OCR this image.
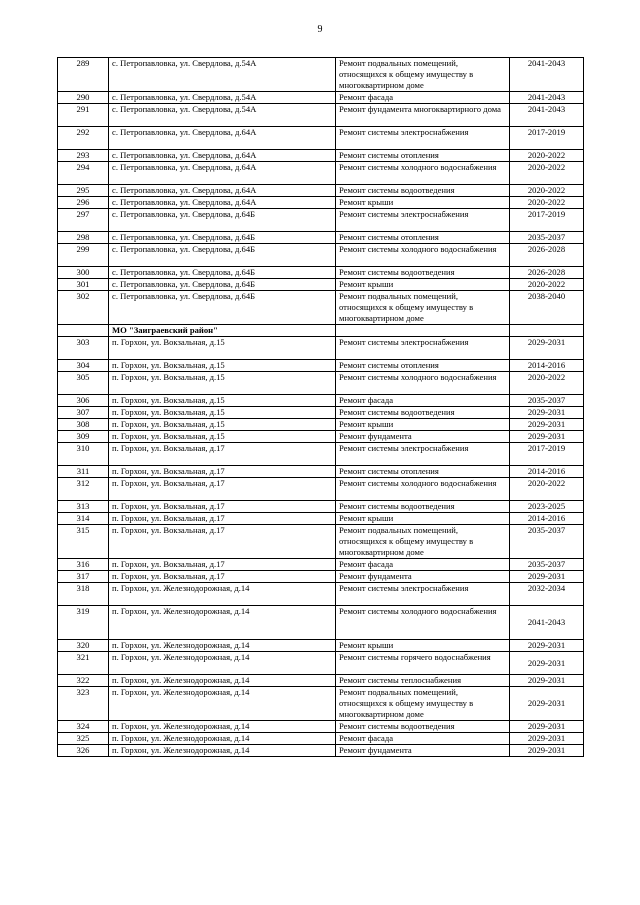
9
289	с. Петропавловка, ул. Свердлова, д.54А	Ремонт подвальных помещений, относящихся к общему имуществу в многоквартирном доме	2041-2043
290	с. Петропавловка, ул. Свердлова, д.54А	Ремонт фасада	2041-2043
291	с. Петропавловка, ул. Свердлова, д.54А	Ремонт фундамента многоквартирного дома	2041-2043
292	с. Петропавловка, ул. Свердлова, д.64А	Ремонт системы электроснабжения	2017-2019
293	с. Петропавловка, ул. Свердлова, д.64А	Ремонт системы отопления	2020-2022
294	с. Петропавловка, ул. Свердлова, д.64А	Ремонт системы холодного водоснабжения	2020-2022
295	с. Петропавловка, ул. Свердлова, д.64А	Ремонт системы водоотведения	2020-2022
296	с. Петропавловка, ул. Свердлова, д.64А	Ремонт крыши	2020-2022
297	с. Петропавловка, ул. Свердлова, д.64Б	Ремонт системы электроснабжения	2017-2019
298	с. Петропавловка, ул. Свердлова, д.64Б	Ремонт системы отопления	2035-2037
299	с. Петропавловка, ул. Свердлова, д.64Б	Ремонт системы холодного водоснабжения	2026-2028
300	с. Петропавловка, ул. Свердлова, д.64Б	Ремонт системы водоотведения	2026-2028
301	с. Петропавловка, ул. Свердлова, д.64Б	Ремонт крыши	2020-2022
302	с. Петропавловка, ул. Свердлова, д.64Б	Ремонт подвальных помещений, относящихся к общему имуществу в многоквартирном доме	2038-2040
	МО "Заиграевский район"		
303	п. Горхон, ул. Вокзальная, д.15	Ремонт системы электроснабжения	2029-2031
304	п. Горхон, ул. Вокзальная, д.15	Ремонт системы отопления	2014-2016
305	п. Горхон, ул. Вокзальная, д.15	Ремонт системы холодного водоснабжения	2020-2022
306	п. Горхон, ул. Вокзальная, д.15	Ремонт фасада	2035-2037
307	п. Горхон, ул. Вокзальная, д.15	Ремонт системы водоотведения	2029-2031
308	п. Горхон, ул. Вокзальная, д.15	Ремонт крыши	2029-2031
309	п. Горхон, ул. Вокзальная, д.15	Ремонт фундамента	2029-2031
310	п. Горхон, ул. Вокзальная, д.17	Ремонт системы электроснабжения	2017-2019
311	п. Горхон, ул. Вокзальная, д.17	Ремонт системы отопления	2014-2016
312	п. Горхон, ул. Вокзальная, д.17	Ремонт системы холодного водоснабжения	2020-2022
313	п. Горхон, ул. Вокзальная, д.17	Ремонт системы водоотведения	2023-2025
314	п. Горхон, ул. Вокзальная, д.17	Ремонт крыши	2014-2016
315	п. Горхон, ул. Вокзальная, д.17	Ремонт подвальных помещений, относящихся к общему имуществу в многоквартирном доме	2035-2037
316	п. Горхон, ул. Вокзальная, д.17	Ремонт фасада	2035-2037
317	п. Горхон, ул. Вокзальная, д.17	Ремонт фундамента	2029-2031
318	п. Горхон, ул. Железнодорожная, д.14	Ремонт системы электроснабжения	2032-2034
319	п. Горхон, ул. Железнодорожная, д.14	Ремонт системы холодного водоснабжения	2041-2043
320	п. Горхон, ул. Железнодорожная, д.14	Ремонт крыши	2029-2031
321	п. Горхон, ул. Железнодорожная, д.14	Ремонт системы горячего водоснабжения	2029-2031
322	п. Горхон, ул. Железнодорожная, д.14	Ремонт системы теплоснабжения	2029-2031
323	п. Горхон, ул. Железнодорожная, д.14	Ремонт подвальных помещений, относящихся к общему имуществу в многоквартирном доме	2029-2031
324	п. Горхон, ул. Железнодорожная, д.14	Ремонт системы водоотведения	2029-2031
325	п. Горхон, ул. Железнодорожная, д.14	Ремонт фасада	2029-2031
326	п. Горхон, ул. Железнодорожная, д.14	Ремонт фундамента	2029-2031
